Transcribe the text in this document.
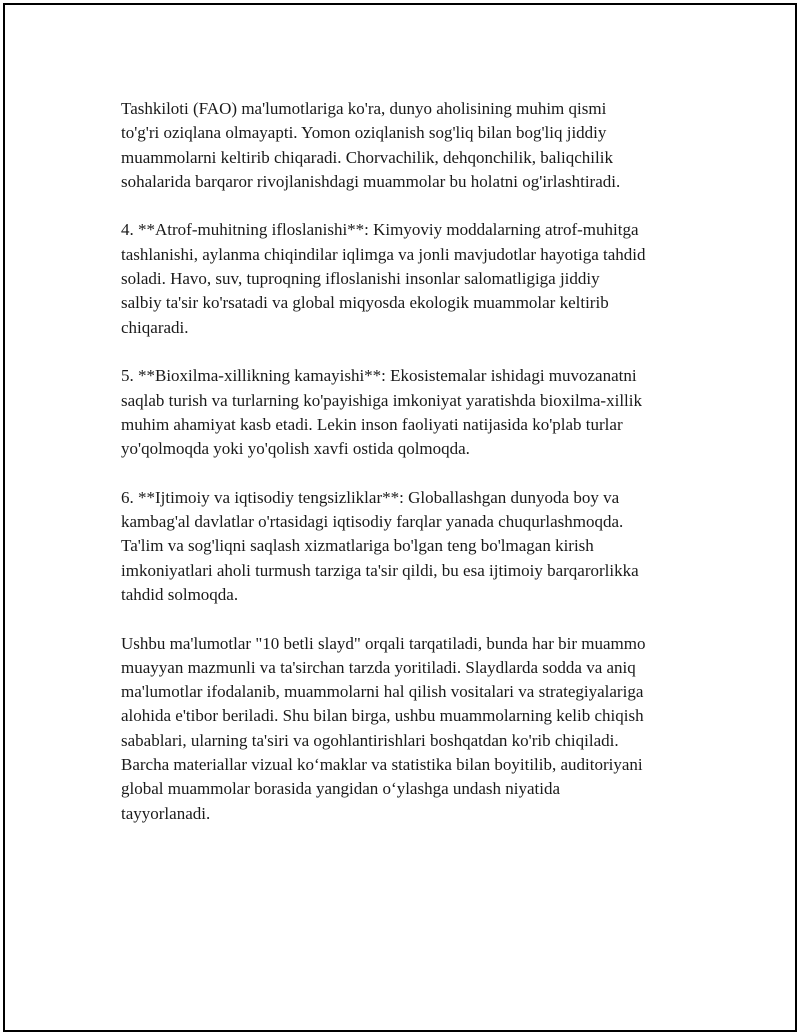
Tashkiloti (FAO) ma'lumotlariga ko'ra, dunyo aholisining muhim qismi
to'g'ri oziqlana olmayapti. Yomon oziqlanish sog'liq bilan bog'liq jiddiy
muammolarni keltirib chiqaradi. Chorvachilik, dehqonchilik, baliqchilik
sohalarida barqaror rivojlanishdagi muammolar bu holatni og'irlashtiradi.

4. **Atrof-muhitning ifloslanishi**: Kimyoviy moddalarning atrof-muhitga
tashlanishi, aylanma chiqindilar iqlimga va jonli mavjudotlar hayotiga tahdid
soladi. Havo, suv, tuproqning ifloslanishi insonlar salomatligiga jiddiy
salbiy ta'sir ko'rsatadi va global miqyosda ekologik muammolar keltirib
chiqaradi.

5. **Bioxilma-xillikning kamayishi**: Ekosistemalar ishidagi muvozanatni
saqlab turish va turlarning ko'payishiga imkoniyat yaratishda bioxilma-xillik
muhim ahamiyat kasb etadi. Lekin inson faoliyati natijasida ko'plab turlar
yo'qolmoqda yoki yo'qolish xavfi ostida qolmoqda.

6. **Ijtimoiy va iqtisodiy tengsizliklar**: Globallashgan dunyoda boy va
kambag'al davlatlar o'rtasidagi iqtisodiy farqlar yanada chuqurlashmoqda.
Ta'lim va sog'liqni saqlash xizmatlariga bo'lgan teng bo'lmagan kirish
imkoniyatlari aholi turmush tarziga ta'sir qildi, bu esa ijtimoiy barqarorlikka
tahdid solmoqda.

Ushbu ma'lumotlar "10 betli slayd" orqali tarqatiladi, bunda har bir muammo
muayyan mazmunli va ta'sirchan tarzda yoritiladi. Slaydlarda sodda va aniq
ma'lumotlar ifodalanib, muammolarni hal qilish vositalari va strategiyalariga
alohida e'tibor beriladi. Shu bilan birga, ushbu muammolarning kelib chiqish
sabablari, ularning ta'siri va ogohlantirishlari boshqatdan ko'rib chiqiladi.
Barcha materiallar vizual ko‘maklar va statistika bilan boyitilib, auditoriyani
global muammolar borasida yangidan o‘ylashga undash niyatida
tayyorlanadi.
